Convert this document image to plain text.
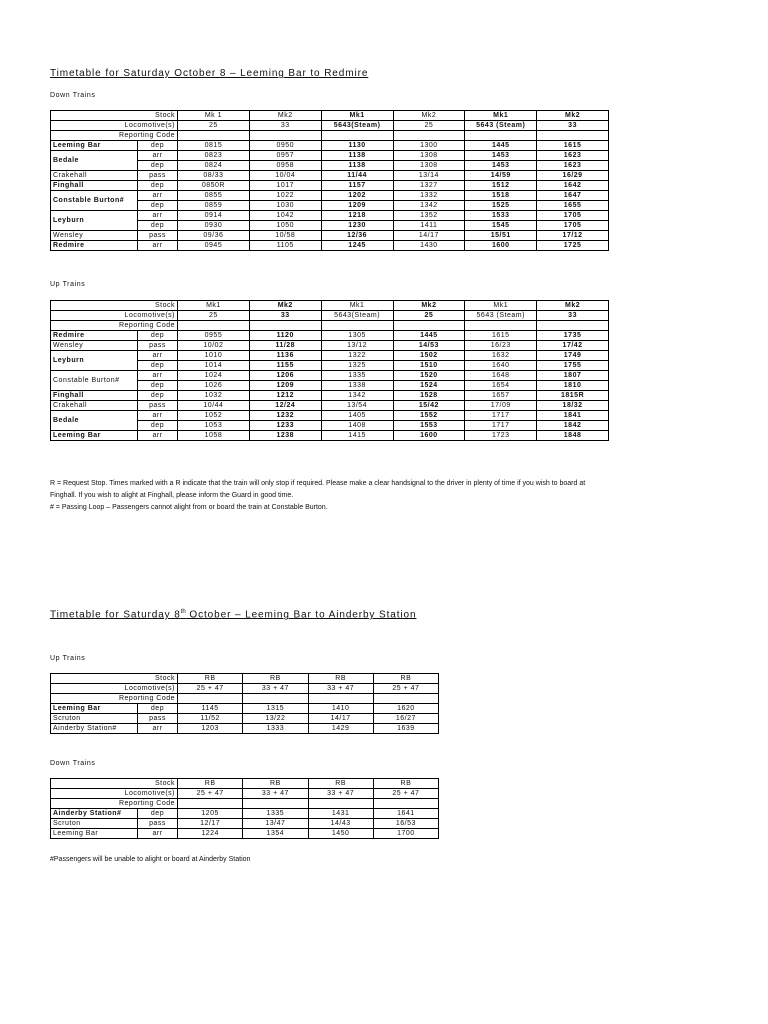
Timetable for Saturday October 8 – Leeming Bar to Redmire
Down Trains
Stock		Mk 1	Mk2	Mk1	Mk2	Mk1	Mk2
Locomotive(s)		25	33	5643(Steam)	25	5643 (Steam)	33
Reporting Code							
Leeming Bar	dep	0815	0950	1130	1300	1445	1615
Bedale	arr	0823	0957	1138	1308	1453	1623
	dep	0824	0958	1138	1308	1453	1623
Crakehall	pass	08/33	10/04	11/44	13/14	14/59	16/29
Finghall	dep	0850R	1017	1157	1327	1512	1642
Constable Burton#	arr	0855	1022	1202	1332	1518	1647
	dep	0859	1030	1209	1342	1525	1655
Leyburn	arr	0914	1042	1218	1352	1533	1705
	dep	0930	1050	1230	1411	1545	1705
Wensley	pass	09/36	10/58	12/36	14/17	15/51	17/12
Redmire	arr	0945	1105	1245	1430	1600	1725
Up Trains
Stock		Mk1	Mk2	Mk1	Mk2	Mk1	Mk2
Locomotive(s)		25	33	5643(Steam)	25	5643 (Steam)	33
Reporting Code							
Redmire	dep	0955	1120	1305	1445	1615	1735
Wensley	pass	10/02	11/28	13/12	14/53	16/23	17/42
Leyburn	arr	1010	1136	1322	1502	1632	1749
	dep	1014	1155	1325	1510	1640	1755
Constable Burton#	arr	1024	1206	1335	1520	1648	1807
	dep	1026	1209	1338	1524	1654	1810
Finghall	dep	1032	1212	1342	1528	1657	1815R
Crakehall	pass	10/44	12/24	13/54	15/42	17/09	18/32
Bedale	arr	1052	1232	1405	1552	1717	1841
	dep	1053	1233	1408	1553	1717	1842
Leeming Bar	arr	1058	1238	1415	1600	1723	1848
R = Request Stop. Times marked with a R indicate that the train will only stop if required. Please make a clear handsignal to the driver in plenty of time if you wish to board at
Finghall. If you wish to alight at Finghall, please inform the Guard in good time.
# = Passing Loop – Passengers cannot alight from or board the train at Constable Burton.
Timetable for Saturday 8th October – Leeming Bar to Ainderby Station
Up Trains
Stock		RB	RB	RB	RB
Locomotive(s)		25 + 47	33 + 47	33 + 47	25 + 47
Reporting Code					
Leeming Bar	dep	1145	1315	1410	1620
Scruton	pass	11/52	13/22	14/17	16/27
Ainderby Station#	arr	1203	1333	1429	1639
Down Trains
Stock		RB	RB	RB	RB
Locomotive(s)		25 + 47	33 + 47	33 + 47	25 + 47
Reporting Code					
Ainderby Station#	dep	1205	1335	1431	1641
Scruton	pass	12/17	13/47	14/43	16/53
Leeming Bar	arr	1224	1354	1450	1700
#Passengers will be unable to alight or board at Ainderby Station
